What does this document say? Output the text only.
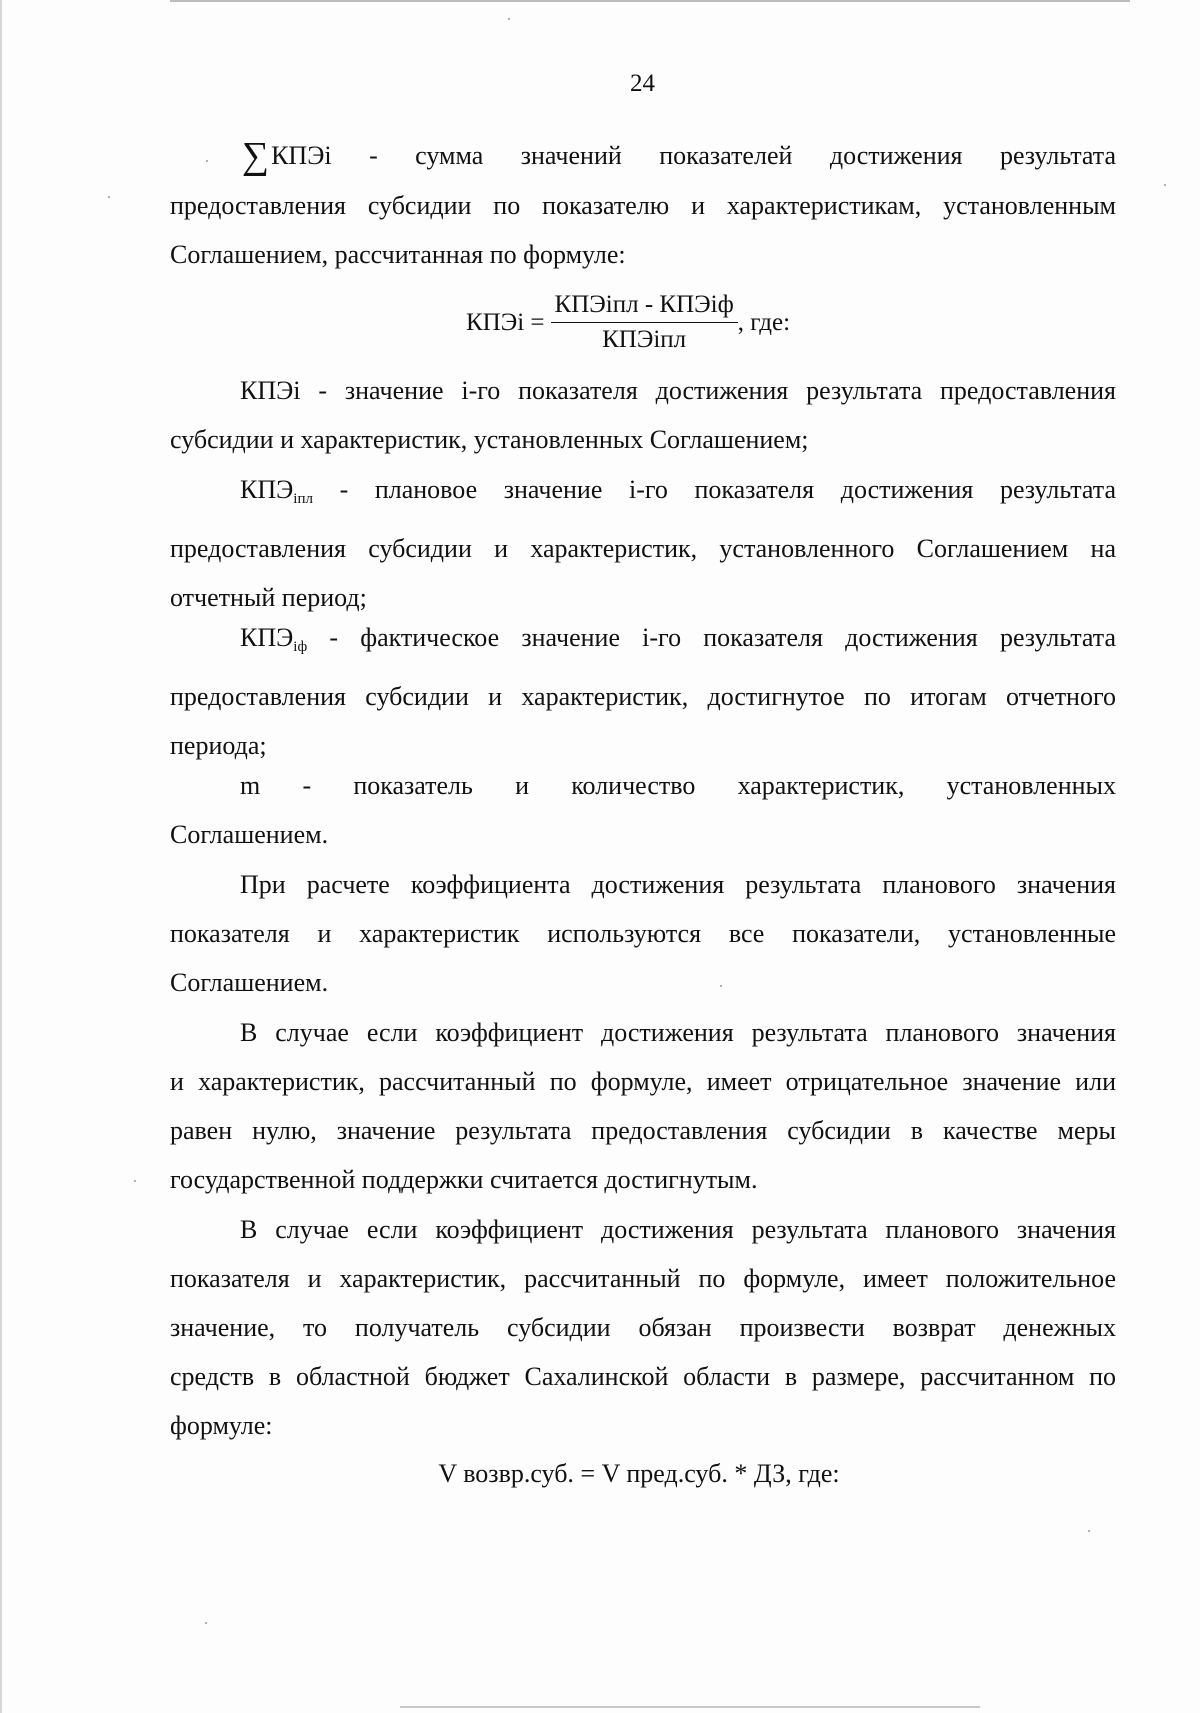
24
∑КПЭi - сумма значений показателей достижения результата
предоставления субсидии по показателю и характеристикам, установленным
Соглашением, рассчитанная по формуле:
КПЭi = $\frac{\text{КПЭiпл - КПЭiф}}{\text{КПЭiпл}}$ , где:
КПЭi - значение i-го показателя достижения результата предоставления
субсидии и характеристик, установленных Соглашением;
$КПЭ_{iпл}$ - плановое значение i-го показателя достижения результата
предоставления субсидии и характеристик, установленного Соглашением на
отчетный период;
$КПЭ_{iф}$ - фактическое значение i-го показателя достижения результата
предоставления субсидии и характеристик, достигнутое по итогам отчетного
периода;
m - показатель и количество характеристик, установленных
Соглашением.
При расчете коэффициента достижения результата планового значения
показателя и характеристик используются все показатели, установленные
Соглашением.
В случае если коэффициент достижения результата планового значения
и характеристик, рассчитанный по формуле, имеет отрицательное значение или
равен нулю, значение результата предоставления субсидии в качестве меры
государственной поддержки считается достигнутым.
В случае если коэффициент достижения результата планового значения
показателя и характеристик, рассчитанный по формуле, имеет положительное
значение, то получатель субсидии обязан произвести возврат денежных
средств в областной бюджет Сахалинской области в размере, рассчитанном по
формуле:
V возвр.суб. = V пред.суб. * ДЗ, где:
